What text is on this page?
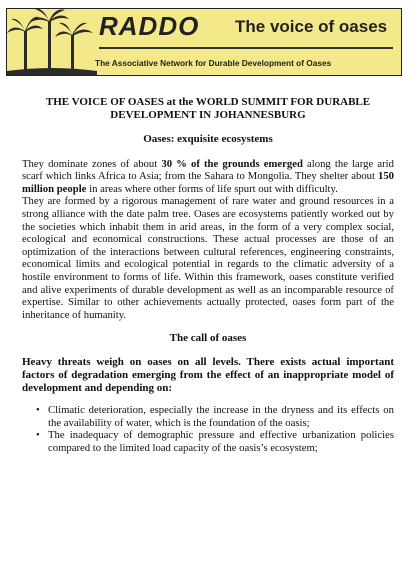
RADDO The voice of oases
The Associative Network for Durable Development of Oases

THE VOICE OF OASES at the WORLD SUMMIT FOR DURABLE DEVELOPMENT IN JOHANNESBURG

Oases: exquisite ecosystems

They dominate zones of about 30 % of the grounds emerged along the large arid scarf which links Africa to Asia; from the Sahara to Mongolia. They shelter about 150 million people in areas where other forms of life spurt out with difficulty.

They are formed by a rigorous management of rare water and ground resources in a strong alliance with the date palm tree. Oases are ecosystems patiently worked out by the societies which inhabit them in arid areas, in the form of a very complex social, ecological and economical constructions. These actual processes are those of an optimization of the interactions between cultural references, engineering constraints, economical limits and ecological potential in regards to the climatic adversity of a hostile environment to forms of life. Within this framework, oases constitute verified and alive experiments of durable development as well as an incomparable resource of expertise. Similar to other achievements actually protected, oases form part of the inheritance of humanity.

The call of oases

Heavy threats weigh on oases on all levels. There exists actual important factors of degradation emerging from the effect of an inappropriate model of development and depending on:

• Climatic deterioration, especially the increase in the dryness and its effects on the availability of water, which is the foundation of the oasis;
• The inadequacy of demographic pressure and effective urbanization policies compared to the limited load capacity of the oasis’s ecosystem;
